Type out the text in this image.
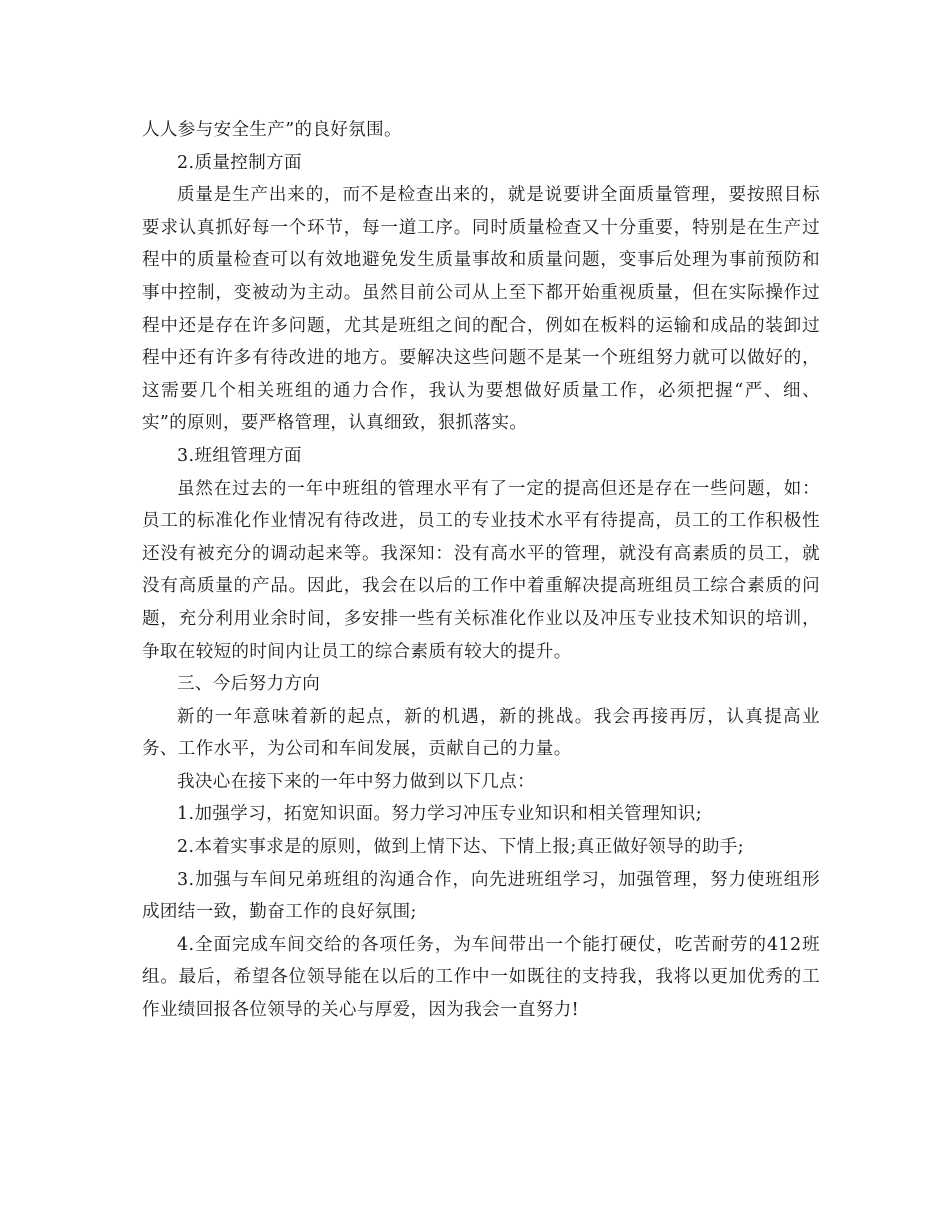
人人参与安全生产”的良好氛围。

2.质量控制方面

质量是生产出来的，而不是检查出来的，就是说要讲全面质量管理，要按照目标要求认真抓好每一个环节，每一道工序。同时质量检查又十分重要，特别是在生产过程中的质量检查可以有效地避免发生质量事故和质量问题，变事后处理为事前预防和事中控制，变被动为主动。虽然目前公司从上至下都开始重视质量，但在实际操作过程中还是存在许多问题，尤其是班组之间的配合，例如在板料的运输和成品的装卸过程中还有许多有待改进的地方。要解决这些问题不是某一个班组努力就可以做好的，这需要几个相关班组的通力合作，我认为要想做好质量工作，必须把握“严、细、实”的原则，要严格管理，认真细致，狠抓落实。

3.班组管理方面

虽然在过去的一年中班组的管理水平有了一定的提高但还是存在一些问题，如：员工的标准化作业情况有待改进，员工的专业技术水平有待提高，员工的工作积极性还没有被充分的调动起来等。我深知：没有高水平的管理，就没有高素质的员工，就没有高质量的产品。因此，我会在以后的工作中着重解决提高班组员工综合素质的问题，充分利用业余时间，多安排一些有关标准化作业以及冲压专业技术知识的培训，争取在较短的时间内让员工的综合素质有较大的提升。

三、今后努力方向

新的一年意味着新的起点，新的机遇，新的挑战。我会再接再厉，认真提高业务、工作水平，为公司和车间发展，贡献自己的力量。

我决心在接下来的一年中努力做到以下几点：

1.加强学习，拓宽知识面。努力学习冲压专业知识和相关管理知识;

2.本着实事求是的原则，做到上情下达、下情上报;真正做好领导的助手;

3.加强与车间兄弟班组的沟通合作，向先进班组学习，加强管理，努力使班组形成团结一致，勤奋工作的良好氛围;

4.全面完成车间交给的各项任务，为车间带出一个能打硬仗，吃苦耐劳的412班组。最后，希望各位领导能在以后的工作中一如既往的支持我，我将以更加优秀的工作业绩回报各位领导的关心与厚爱，因为我会一直努力!
